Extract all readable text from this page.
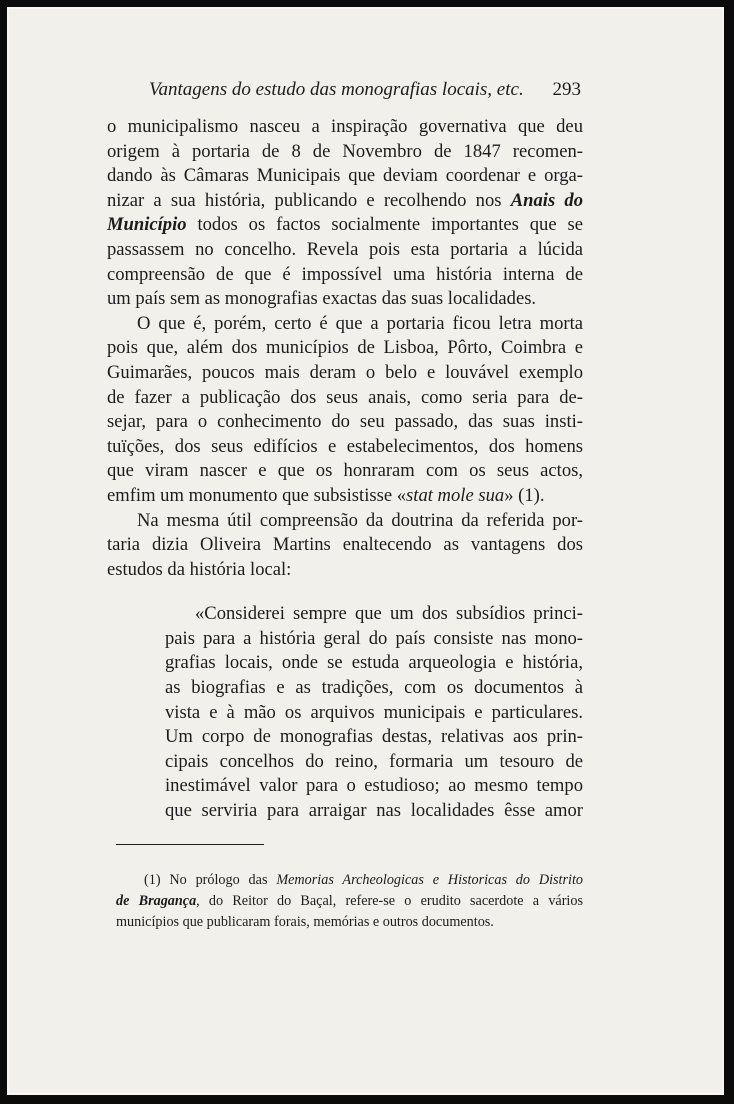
Vantagens do estudo das monografias locais, etc. 293

o municipalismo nasceu a inspiração governativa que deu

origem à portaria de 8 de Novembro de 1847 recomen-

dando às Câmaras Municipais que deviam coordenar e orga-

nizar a sua história, publicando e recolhendo nos Anais do

Município todos os factos socialmente importantes que se

passassem no concelho. Revela pois esta portaria a lúcida

compreensão de que é impossível uma história interna de

um país sem as monografias exactas das suas localidades.

O que é, porém, certo é que a portaria ficou letra morta

pois que, além dos municípios de Lisboa, Pôrto, Coimbra e

Guimarães, poucos mais deram o belo e louvável exemplo

de fazer a publicação dos seus anais, como seria para de-

sejar, para o conhecimento do seu passado, das suas insti-

tuïções, dos seus edifícios e estabelecimentos, dos homens

que viram nascer e que os honraram com os seus actos,

emfim um monumento que subsistisse «stat mole sua» (1).

Na mesma útil compreensão da doutrina da referida por-

taria dizia Oliveira Martins enaltecendo as vantagens dos

estudos da história local:

«Considerei sempre que um dos subsídios princi-

pais para a história geral do país consiste nas mono-

grafias locais, onde se estuda arqueologia e história,

as biografias e as tradições, com os documentos à

vista e à mão os arquivos municipais e particulares.

Um corpo de monografias destas, relativas aos prin-

cipais concelhos do reino, formaria um tesouro de

inestimável valor para o estudioso; ao mesmo tempo

que serviria para arraigar nas localidades êsse amor

(1) No prólogo das Memorias Archeologicas e Historicas do Distrito

de Bragança, do Reitor do Baçal, refere-se o erudito sacerdote a vários

municípios que publicaram forais, memórias e outros documentos.
